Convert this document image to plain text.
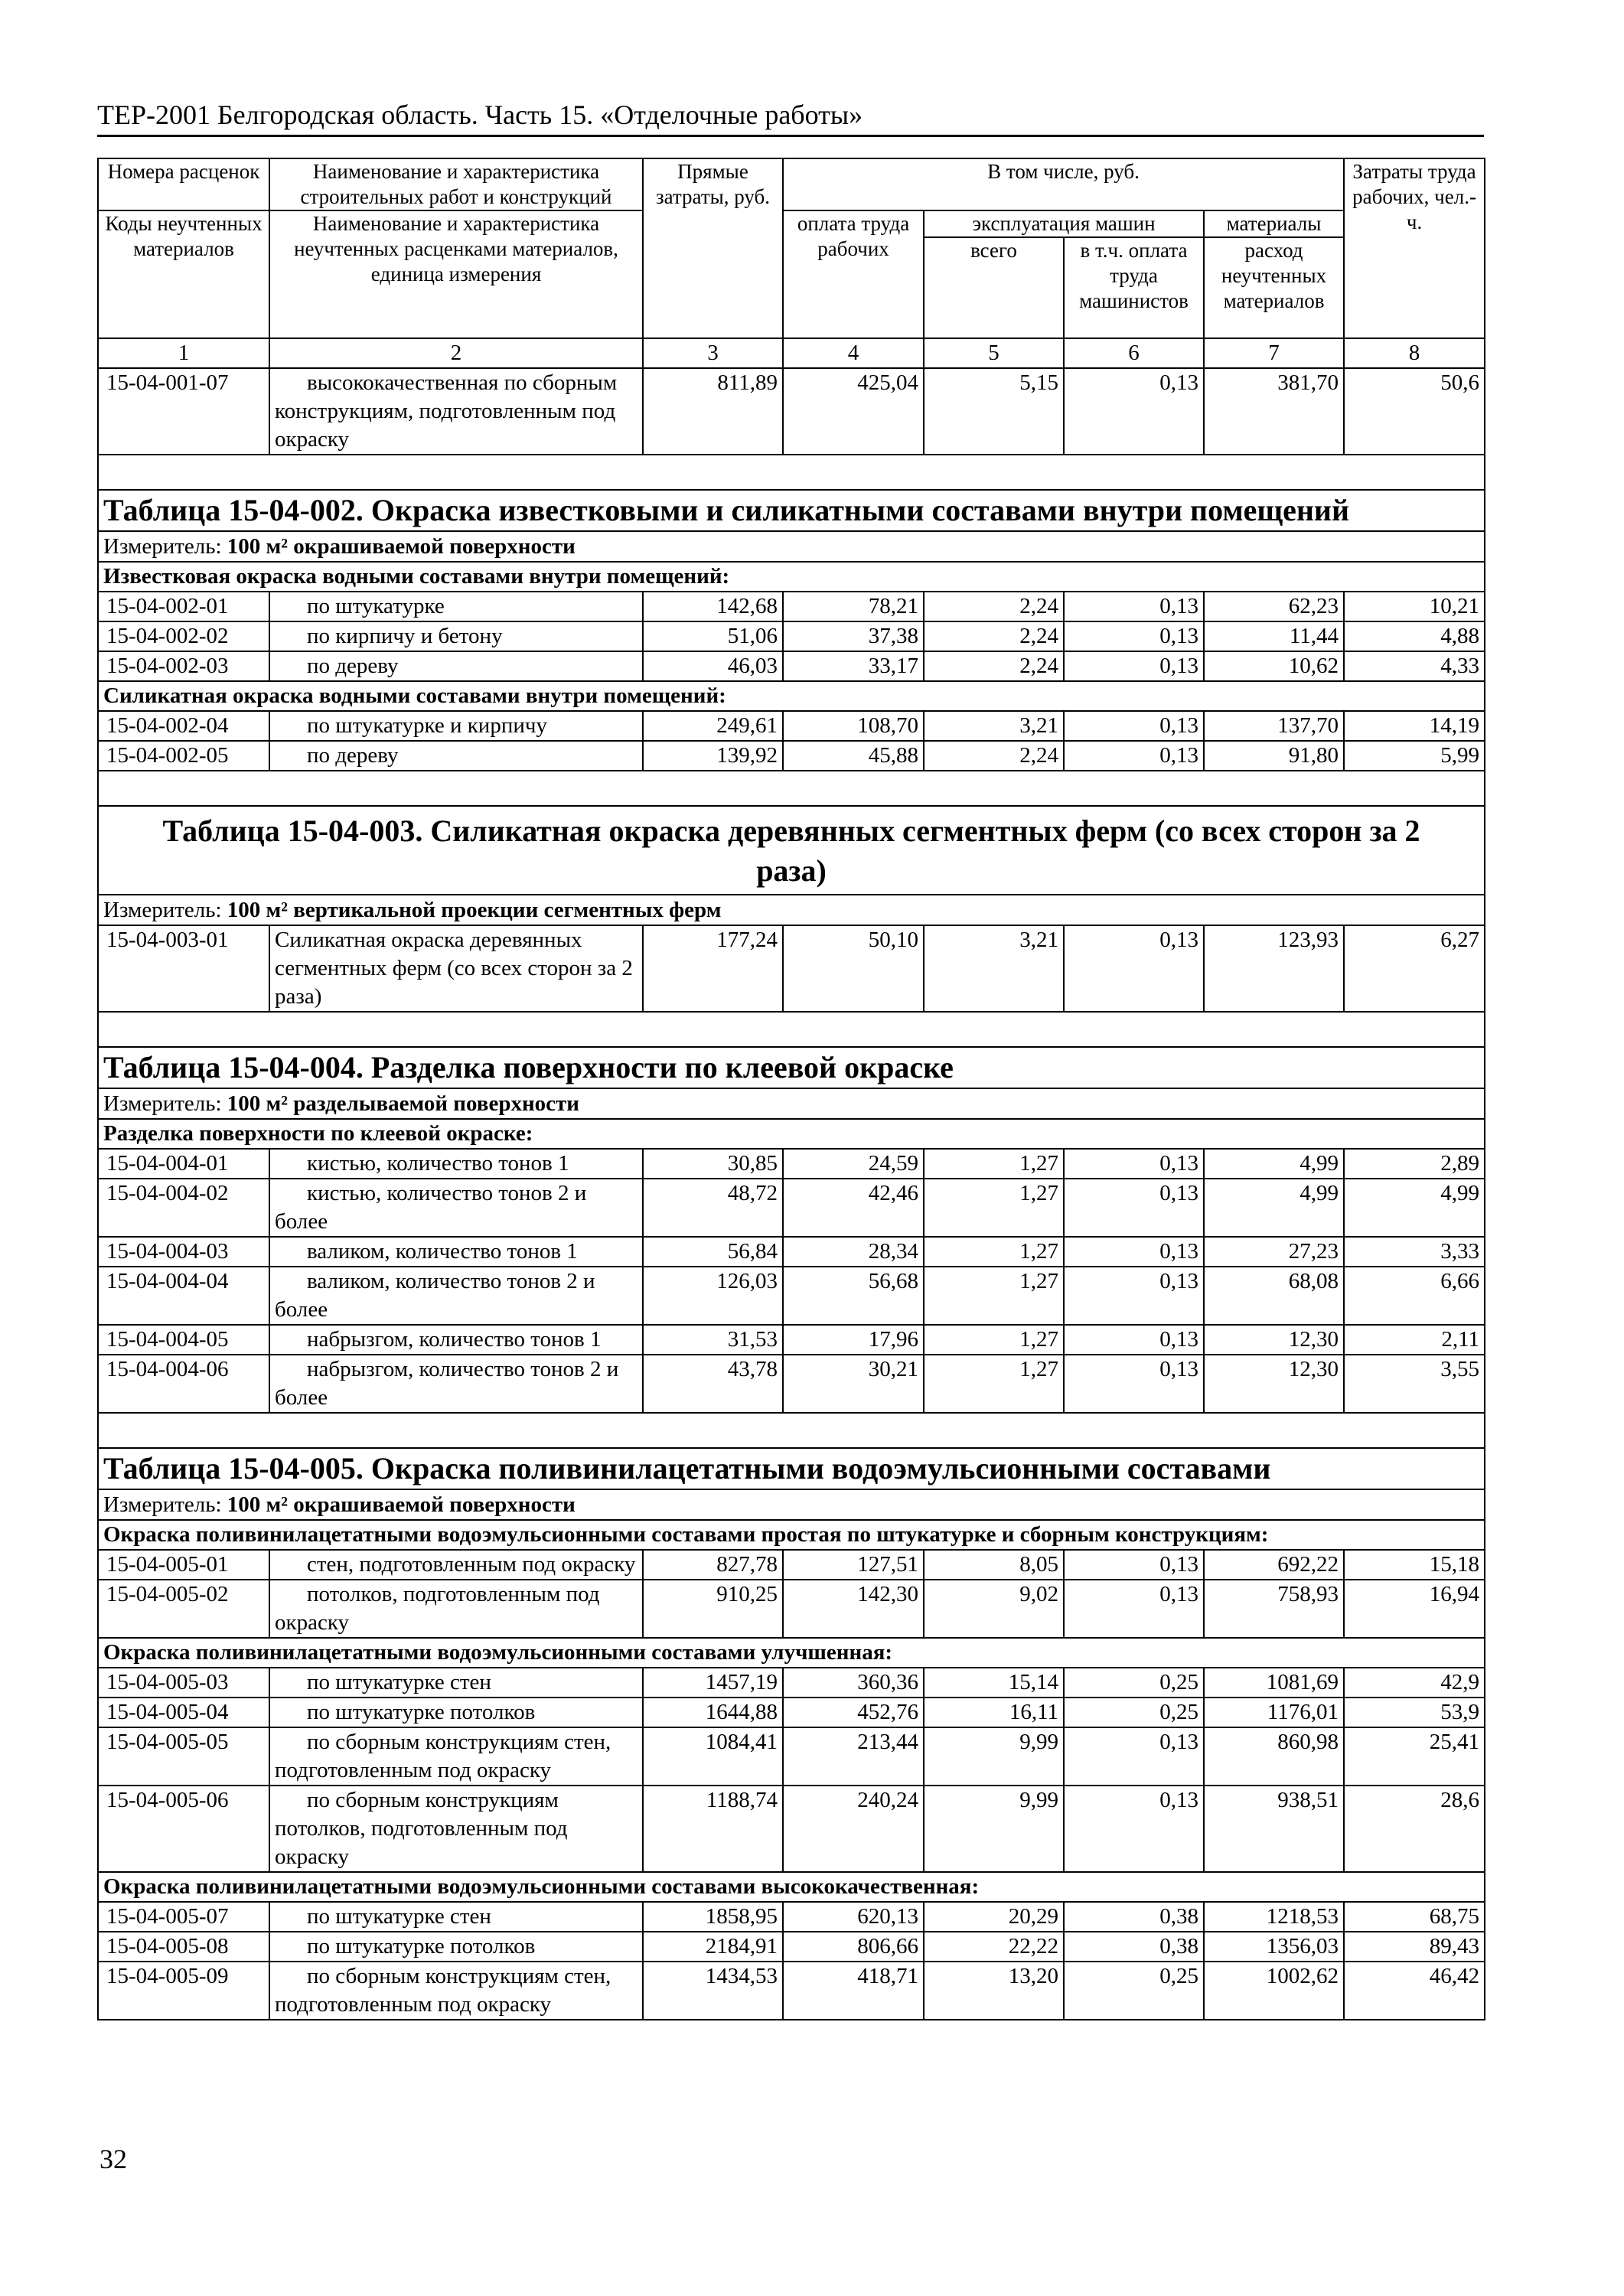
ТЕР-2001 Белгородская область. Часть 15. «Отделочные работы»
Номера расценок	Наименование и характеристика строительных работ и конструкций	Прямые затраты, руб.	В том числе, руб.				Затраты труда рабочих, чел.-ч.
Коды неучтенных материалов	Наименование и характеристика неучтенных расценками материалов, единица измерения		оплата труда рабочих	эксплуатация машин		материалы	
				всего	в т.ч. оплата труда машинистов	расход неучтенных материалов	
1	2	3	4	5	6	7	8
15-04-001-07	высококачественная по сборным конструкциям, подготовленным под окраску	811,89	425,04	5,15	0,13	381,70	50,6

Таблица 15-04-002. Окраска известковыми и силикатными составами внутри помещений							
Измеритель: 100 м² окрашиваемой поверхности							
Известковая окраска водными составами внутри помещений:							
15-04-002-01	по штукатурке	142,68	78,21	2,24	0,13	62,23	10,21
15-04-002-02	по кирпичу и бетону	51,06	37,38	2,24	0,13	11,44	4,88
15-04-002-03	по дереву	46,03	33,17	2,24	0,13	10,62	4,33
Силикатная окраска водными составами внутри помещений:							
15-04-002-04	по штукатурке и кирпичу	249,61	108,70	3,21	0,13	137,70	14,19
15-04-002-05	по дереву	139,92	45,88	2,24	0,13	91,80	5,99

Таблица 15-04-003. Силикатная окраска деревянных сегментных ферм (со всех сторон за 2 раза)							
Измеритель: 100 м² вертикальной проекции сегментных ферм							
15-04-003-01	Силикатная окраска деревянных сегментных ферм (со всех сторон за 2 раза)	177,24	50,10	3,21	0,13	123,93	6,27

Таблица 15-04-004. Разделка поверхности по клеевой окраске							
Измеритель: 100 м² разделываемой поверхности							
Разделка поверхности по клеевой окраске:							
15-04-004-01	кистью, количество тонов 1	30,85	24,59	1,27	0,13	4,99	2,89
15-04-004-02	кистью, количество тонов 2 и более	48,72	42,46	1,27	0,13	4,99	4,99
15-04-004-03	валиком, количество тонов 1	56,84	28,34	1,27	0,13	27,23	3,33
15-04-004-04	валиком, количество тонов 2 и более	126,03	56,68	1,27	0,13	68,08	6,66
15-04-004-05	набрызгом, количество тонов 1	31,53	17,96	1,27	0,13	12,30	2,11
15-04-004-06	набрызгом, количество тонов 2 и более	43,78	30,21	1,27	0,13	12,30	3,55

Таблица 15-04-005. Окраска поливинилацетатными водоэмульсионными составами							
Измеритель: 100 м² окрашиваемой поверхности							
Окраска поливинилацетатными водоэмульсионными составами простая по штукатурке и сборным конструкциям:							
15-04-005-01	стен, подготовленным под окраску	827,78	127,51	8,05	0,13	692,22	15,18
15-04-005-02	потолков, подготовленным под окраску	910,25	142,30	9,02	0,13	758,93	16,94
Окраска поливинилацетатными водоэмульсионными составами улучшенная:							
15-04-005-03	по штукатурке стен	1457,19	360,36	15,14	0,25	1081,69	42,9
15-04-005-04	по штукатурке потолков	1644,88	452,76	16,11	0,25	1176,01	53,9
15-04-005-05	по сборным конструкциям стен, подготовленным под окраску	1084,41	213,44	9,99	0,13	860,98	25,41
15-04-005-06	по сборным конструкциям потолков, подготовленным под окраску	1188,74	240,24	9,99	0,13	938,51	28,6
Окраска поливинилацетатными водоэмульсионными составами высококачественная:							
15-04-005-07	по штукатурке стен	1858,95	620,13	20,29	0,38	1218,53	68,75
15-04-005-08	по штукатурке потолков	2184,91	806,66	22,22	0,38	1356,03	89,43
15-04-005-09	по сборным конструкциям стен, подготовленным под окраску	1434,53	418,71	13,20	0,25	1002,62	46,42
32
